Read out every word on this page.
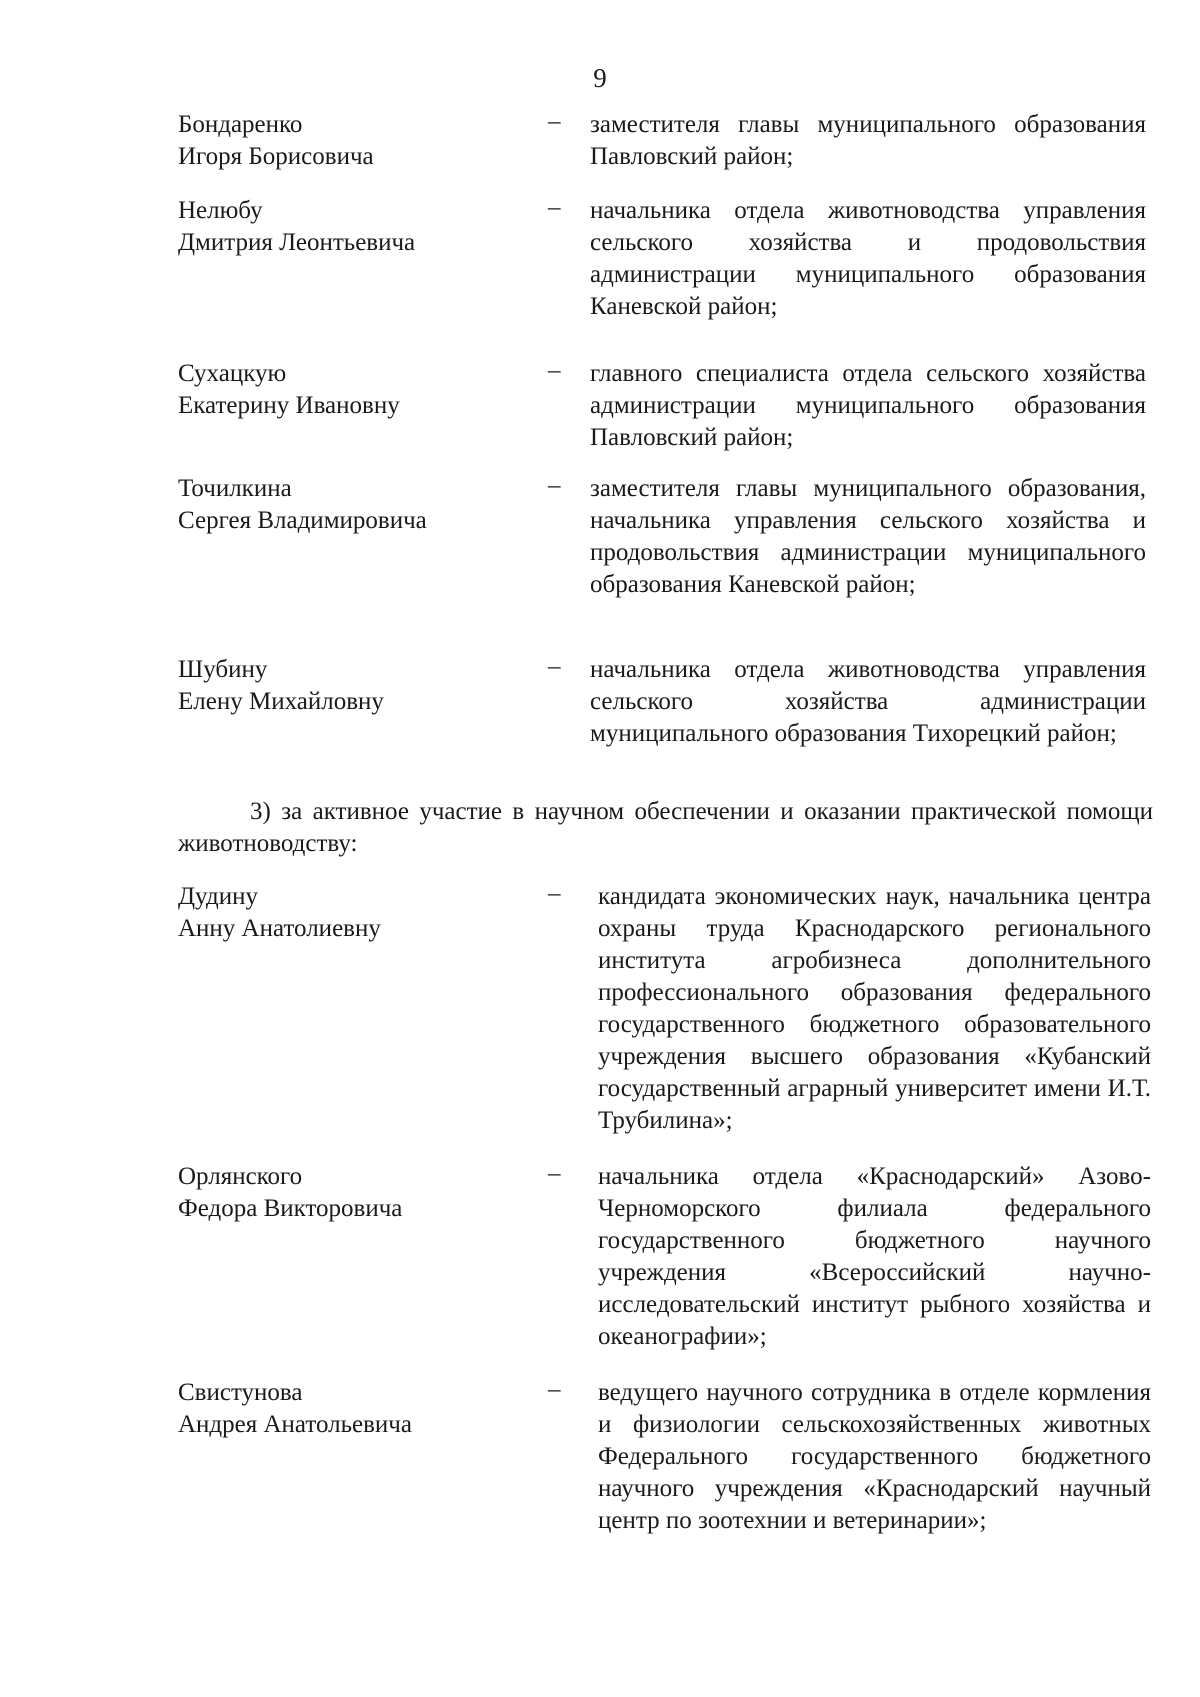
9
Бондаренко
Игоря Борисовича
– заместителя главы муниципального образования Павловский район;
Нелюбу
Дмитрия Леонтьевича
– начальника отдела животноводства управления сельского хозяйства и продовольствия администрации муниципального образования Каневской район;
Сухацкую
Екатерину Ивановну
– главного специалиста отдела сельского хозяйства администрации муниципального образования Павловский район;
Точилкина
Сергея Владимировича
– заместителя главы муниципального образования, начальника управления сельского хозяйства и продовольствия администрации муниципального образования Каневской район;
Шубину
Елену Михайловну
– начальника отдела животноводства управления сельского хозяйства администрации муниципального образования Тихорецкий район;
3) за активное участие в научном обеспечении и оказании практической помощи животноводству:
Дудину
Анну Анатолиевну
– кандидата экономических наук, начальника центра охраны труда Краснодарского регионального института агробизнеса дополнительного профессионального образования федерального государственного бюджетного образовательного учреждения высшего образования «Кубанский государственный аграрный университет имени И.Т. Трубилина»;
Орлянского
Федора Викторовича
– начальника отдела «Краснодарский» Азово-Черноморского филиала федерального государственного бюджетного научного учреждения «Всероссийский научно-исследовательский институт рыбного хозяйства и океанографии»;
Свистунова
Андрея Анатольевича
– ведущего научного сотрудника в отделе кормления и физиологии сельскохозяйственных животных Федерального государственного бюджетного научного учреждения «Краснодарский научный центр по зоотехнии и ветеринарии»;
